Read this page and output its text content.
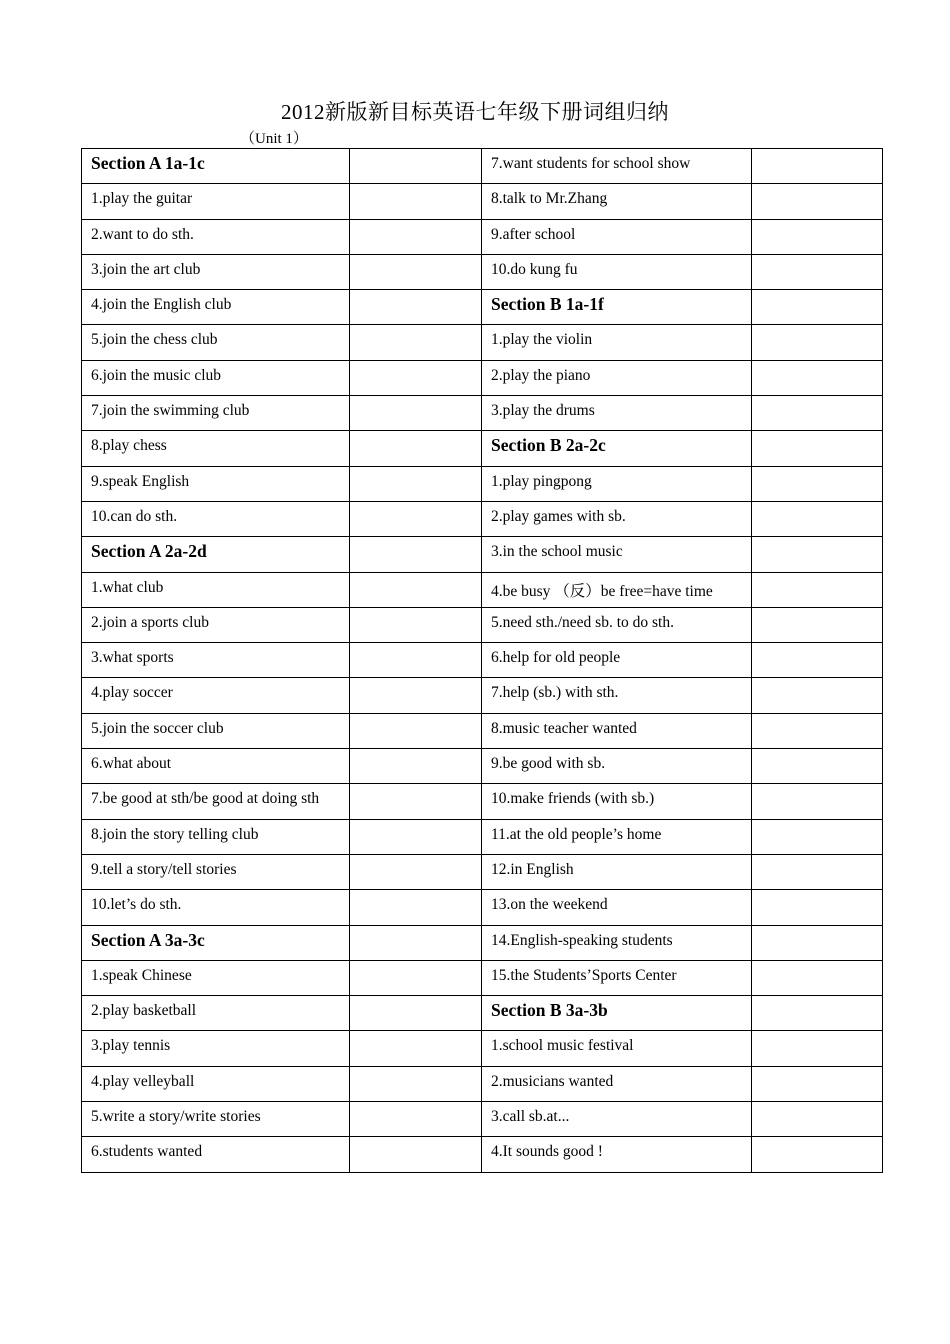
2012新版新目标英语七年级下册词组归纳
（Unit 1）
Section A 1a-1c		7.want students for school show	
1.play the guitar		8.talk to Mr.Zhang	
2.want to do sth.		9.after school	
3.join the art club		10.do kung fu	
4.join the English club		Section B 1a-1f	
5.join the chess club		1.play the violin	
6.join the music club		2.play the piano	
7.join the swimming club		3.play the drums	
8.play chess		Section B 2a-2c	
9.speak English		1.play pingpong	
10.can do sth.		2.play games with sb.	
Section A 2a-2d		3.in the school music	
1.what club		4.be busy （反）be free=have time	
2.join a sports club		5.need sth./need sb. to do sth.	
3.what sports		6.help for old people	
4.play soccer		7.help (sb.) with sth.	
5.join the soccer club		8.music teacher wanted	
6.what about		9.be good with sb.	
7.be good at sth/be good at doing sth		10.make friends (with sb.)	
8.join the story telling club		11.at the old people’s home	
9.tell a story/tell stories		12.in English	
10.let’s do sth.		13.on the weekend	
Section A 3a-3c		14.English-speaking students	
1.speak Chinese		15.the Students’Sports Center	
2.play basketball		Section B 3a-3b	
3.play tennis		1.school music festival	
4.play velleyball		2.musicians wanted	
5.write a story/write stories		3.call sb.at...	
6.students wanted		4.It sounds good !	
